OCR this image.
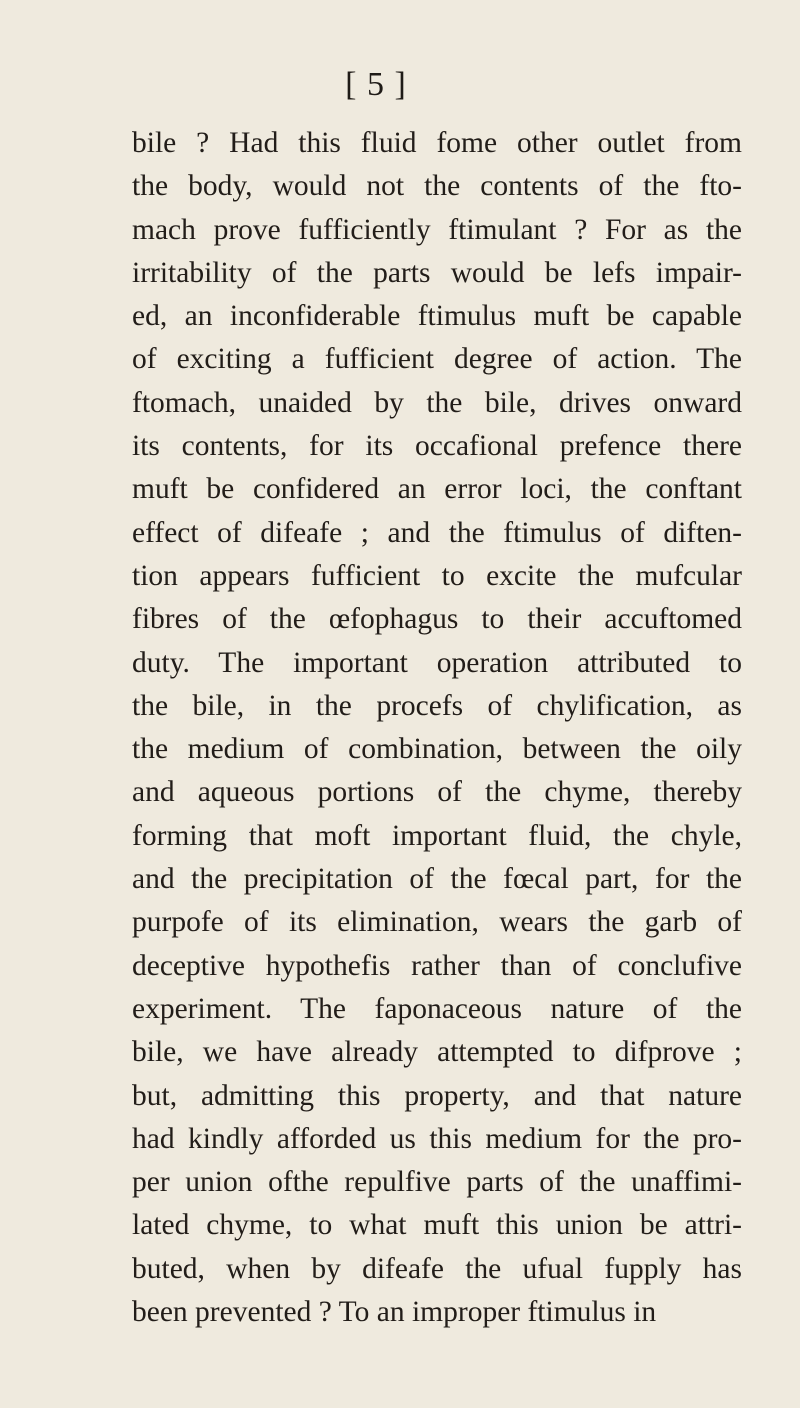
[ 5 ]
bile ? Had this fluid fome other outlet from
the body, would not the contents of the fto-
mach prove fufficiently ftimulant ? For as the
irritability of the parts would be lefs impair-
ed, an inconfiderable ftimulus muft be capable
of exciting a fufficient degree of action. The
ftomach, unaided by the bile, drives onward
its contents, for its occafional prefence there
muft be confidered an error loci, the conftant
effect of difeafe ; and the ftimulus of diften-
tion appears fufficient to excite the mufcular
fibres of the œfophagus to their accuftomed
duty. The important operation attributed to
the bile, in the procefs of chylification, as
the medium of combination, between the oily
and aqueous portions of the chyme, thereby
forming that moft important fluid, the chyle,
and the precipitation of the fœcal part, for the
purpofe of its elimination, wears the garb of
deceptive hypothefis rather than of conclufive
experiment. The faponaceous nature of the
bile, we have already attempted to difprove ;
but, admitting this property, and that nature
had kindly afforded us this medium for the pro-
per union ofthe repulfive parts of the unaffimi-
lated chyme, to what muft this union be attri-
buted, when by difeafe the ufual fupply has
been prevented ? To an improper ftimulus in
